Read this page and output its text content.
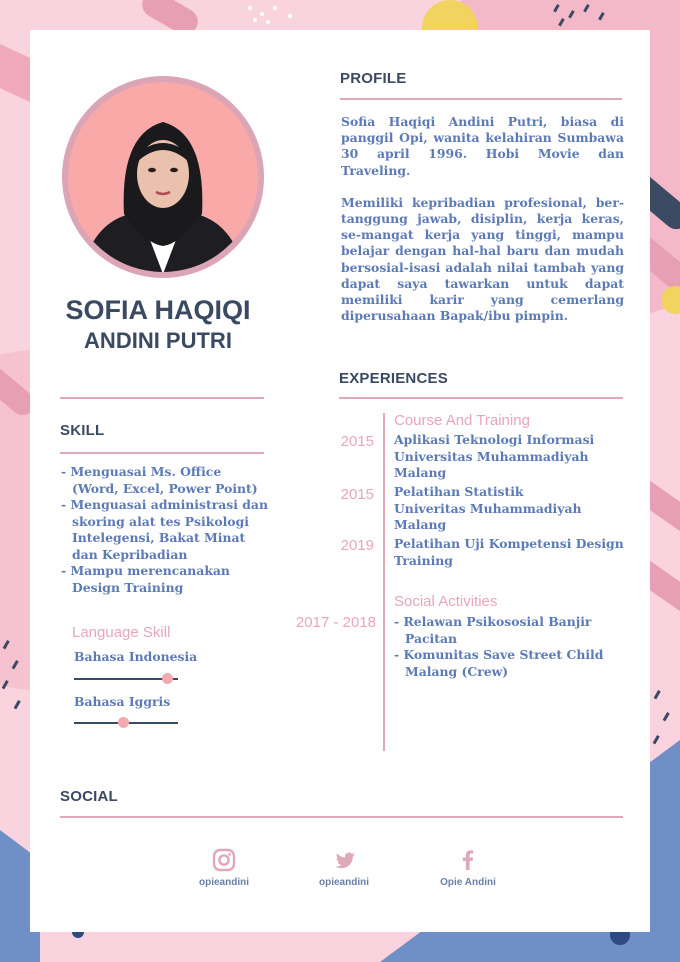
SOFIA HAQIQI
ANDINI PUTRI
PROFILE

Sofia Haqiqi Andini Putri, biasa di panggil Opi, wanita kelahiran Sumbawa 30 april 1996. Hobi Movie dan Traveling.

Memiliki kepribadian profesional, ber-tanggung jawab, disiplin, kerja keras, se-mangat kerja yang tinggi, mampu belajar dengan hal-hal baru dan mudah bersosial-isasi adalah nilai tambah yang dapat saya tawarkan untuk dapat memiliki karir yang cemerlang diperusahaan Bapak/ibu pimpin.

EXPERIENCES
SKILL
- Menguasai Ms. Office (Word, Excel, Power Point)
- Menguasai administrasi dan skoring alat tes Psikologi Intelegensi, Bakat Minat dan Kepribadian
- Mampu merencanakan Design Training
Language Skill
Bahasa Indonesia
Bahasa Iggris
Course And Training
2015 Aplikasi Teknologi Informasi
Universitas Muhammadiyah Malang
2015 Pelatihan Statistik
Univeritas Muhammadiyah Malang
2019 Pelatihan Uji Kompetensi Design
Training
Social Activities
2017 - 2018 - Relawan Psikososial Banjir Pacitan
- Komunitas Save Street Child Malang (Crew)
SOCIAL
opieandini	opieandini	Opie Andini
